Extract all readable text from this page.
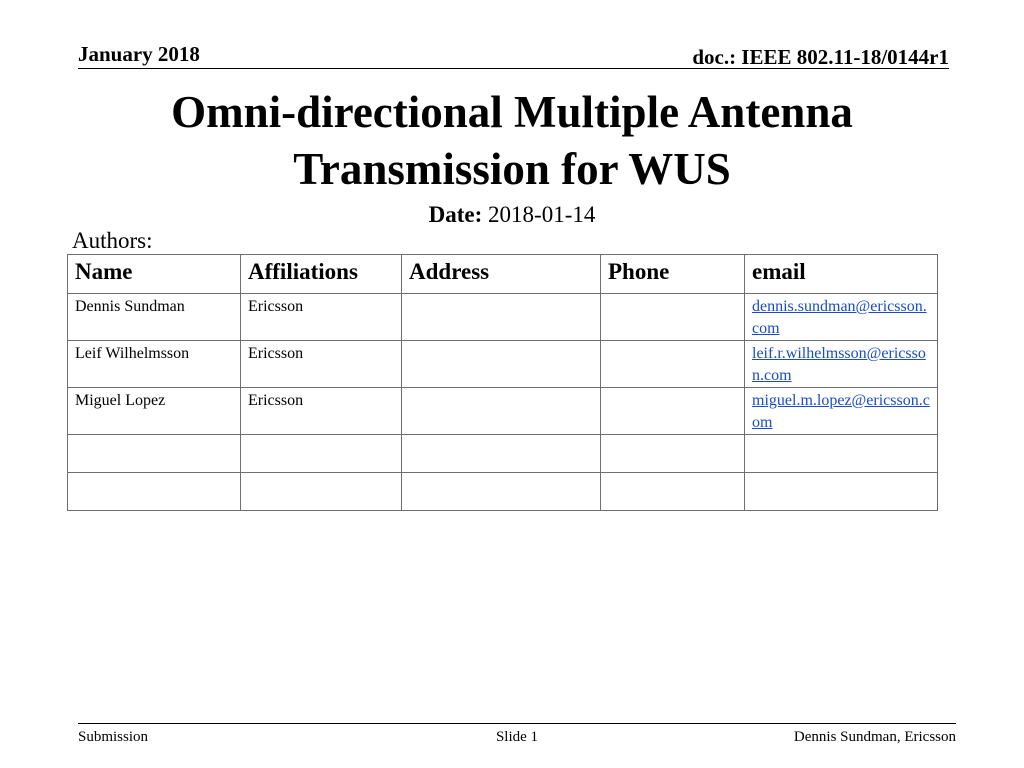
January 2018	doc.: IEEE 802.11-18/0144r1
Omni-directional Multiple Antenna
Transmission for WUS
Date: 2018-01-14
Authors:
Name	Affiliations	Address	Phone	email
Dennis Sundman	Ericsson			dennis.sundman@ericsson.com
Leif Wilhelmsson	Ericsson			leif.r.wilhelmsson@ericsson.com
Miguel Lopez	Ericsson			miguel.m.lopez@ericsson.com

Submission	Slide 1	Dennis Sundman, Ericsson
